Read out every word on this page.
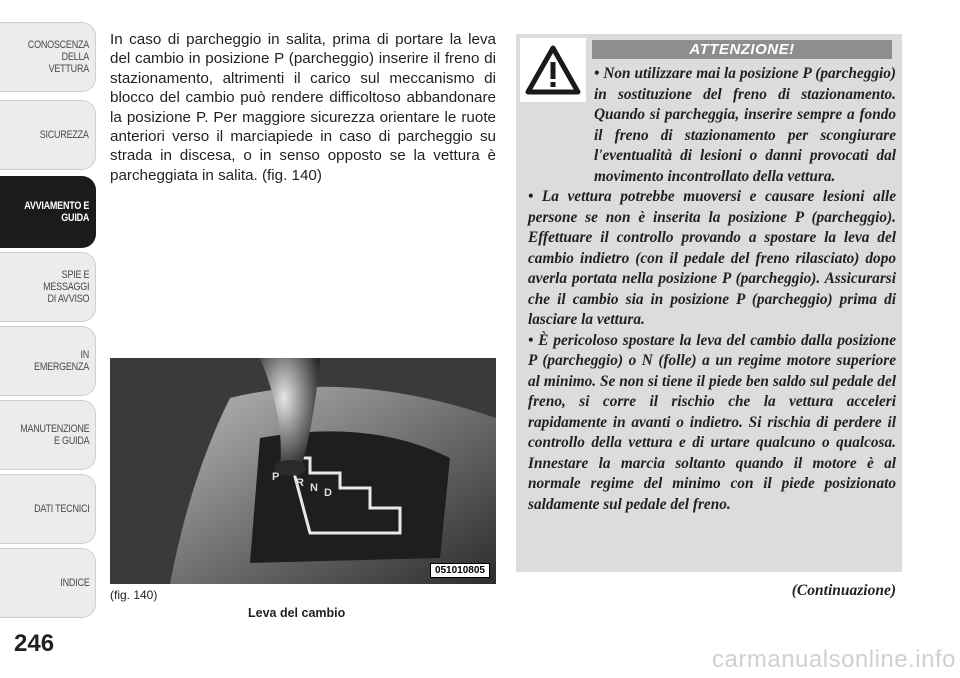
CONOSCENZA DELLA
VETTURA
SICUREZZA
AVVIAMENTO E
GUIDA
SPIE E
MESSAGGI
DI AVVISO
IN
EMERGENZA
MANUTENZIONE
E GUIDA
DATI TECNICI
INDICE
246
In caso di parcheggio in salita, prima di portare la leva del cambio in posizione P (parcheggio) inserire il freno di stazionamento, altrimenti il carico sul meccanismo di blocco del cambio può rendere difficoltoso abbandonare la posizione P. Per maggiore sicurezza orientare le ruote anteriori verso il marciapiede in caso di parcheggio su strada in discesa, o in senso opposto se la vettura è parcheggiata in salita. (fig. 140)
P R N D
051010805
(fig. 140)
Leva del cambio
ATTENZIONE!

• Non utilizzare mai la posizione P (parcheggio) in sostituzione del freno di stazionamento. Quando si parcheggia, inserire sempre a fondo il freno di stazionamento per scongiurare l'eventualità di lesioni o danni provocati dal movimento incontrollato della vettura.

• La vettura potrebbe muoversi e causare lesioni alle persone se non è inserita la posizione P (parcheggio). Effettuare il controllo provando a spostare la leva del cambio indietro (con il pedale del freno rilasciato) dopo averla portata nella posizione P (parcheggio). Assicurarsi che il cambio sia in posizione P (parcheggio) prima di lasciare la vettura.

• È pericoloso spostare la leva del cambio dalla posizione P (parcheggio) o N (folle) a un regime motore superiore al minimo. Se non si tiene il piede ben saldo sul pedale del freno, si corre il rischio che la vettura acceleri rapidamente in avanti o indietro. Si rischia di perdere il controllo della vettura e di urtare qualcuno o qualcosa. Innestare la marcia soltanto quando il motore è al normale regime del minimo con il piede posizionato saldamente sul pedale del freno.

(Continuazione)
carmanualsonline.info
